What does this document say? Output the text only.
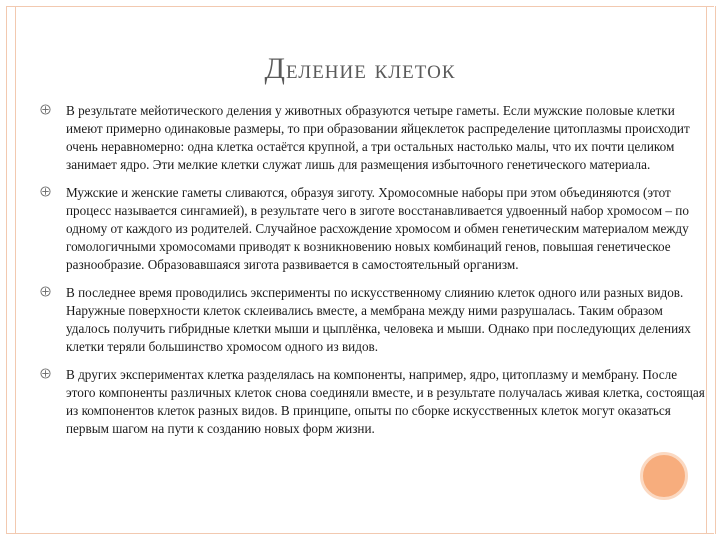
Деление клеток
В результате мейотического деления у животных образуются четыре гаметы. Если мужские половые клетки имеют примерно одинаковые размеры, то при образовании яйцеклеток распределение цитоплазмы происходит очень неравномерно: одна клетка остаётся крупной, а три остальных настолько малы, что их почти целиком занимает ядро. Эти мелкие клетки служат лишь для размещения избыточного генетического материала.
Мужские и женские гаметы сливаются, образуя зиготу. Хромосомные наборы при этом объединяются (этот процесс называется сингамией), в результате чего в зиготе восстанавливается удвоенный набор хромосом – по одному от каждого из родителей. Случайное расхождение хромосом и обмен генетическим материалом между гомологичными хромосомами приводят к возникновению новых комбинаций генов, повышая генетическое разнообразие. Образовавшаяся зигота развивается в самостоятельный организм.
В последнее время проводились эксперименты по искусственному слиянию клеток одного или разных видов. Наружные поверхности клеток склеивались вместе, а мембрана между ними разрушалась. Таким образом удалось получить гибридные клетки мыши и цыплёнка, человека и мыши. Однако при последующих делениях клетки теряли большинство хромосом одного из видов.
В других экспериментах клетка разделялась на компоненты, например, ядро, цитоплазму и мембрану. После этого компоненты различных клеток снова соединяли вместе, и в результате получалась живая клетка, состоящая из компонентов клеток разных видов. В принципе, опыты по сборке искусственных клеток могут оказаться первым шагом на пути к созданию новых форм жизни.
